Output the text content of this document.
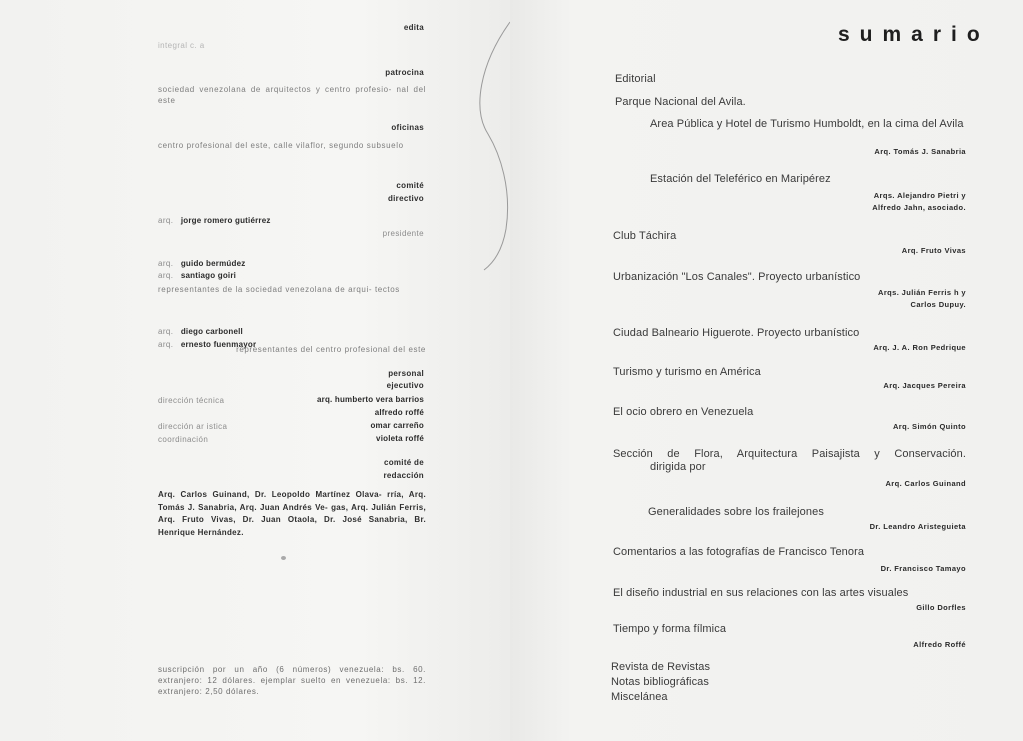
edita
integral c. a
patrocina
sociedad venezolana de arquitectos y centro profesio- nal del este
oficinas
centro profesional del este, calle vilaflor, segundo subsuelo
comité
directivo
arq. jorge romero gutiérrez
presidente
arq. guido bermúdez
arq. santiago goiri
representantes de la sociedad venezolana de arqui- tectos
arq. diego carbonell
arq. ernesto fuenmayor
representantes del centro profesional del este
personal
ejecutivo
dirección técnica	arq. humberto vera barrios
alfredo roffé
dirección ar istica	omar carreño
coordinación	violeta roffé
comité de
redacción
Arq. Carlos Guinand, Dr. Leopoldo Martínez Olava- rría, Arq. Tomás J. Sanabria, Arq. Juan Andrés Ve- gas, Arq. Julián Ferris, Arq. Fruto Vivas, Dr. Juan Otaola, Dr. José Sanabria, Br. Henrique Hernández.
suscripción por un año (6 números) venezuela: bs. 60. extranjero: 12 dólares. ejemplar suelto en venezuela: bs. 12. extranjero: 2,50 dólares.
sumario
Editorial
Parque Nacional del Avila.
Area Pública y Hotel de Turismo Humboldt, en la cima del Avila
Arq. Tomás J. Sanabria
Estación del Teleférico en Maripérez
Arqs. Alejandro Pietri y
Alfredo Jahn, asociado.
Club Táchira
Arq. Fruto Vivas
Urbanización "Los Canales". Proyecto urbanístico
Arqs. Julián Ferris h y
Carlos Dupuy.
Ciudad Balneario Higuerote. Proyecto urbanístico
Arq. J. A. Ron Pedrique
Turismo y turismo en América
Arq. Jacques Pereira
El ocio obrero en Venezuela
Arq. Simón Quinto
Sección de Flora, Arquitectura Paisajista y Conservación.
dirigida por
Arq. Carlos Guinand
Generalidades sobre los frailejones
Dr. Leandro Aristeguieta
Comentarios a las fotografías de Francisco Tenora
Dr. Francisco Tamayo
El diseño industrial en sus relaciones con las artes visuales
Gillo Dorfles
Tiempo y forma fílmica
Alfredo Roffé
Revista de Revistas
Notas bibliográficas
Miscelánea
